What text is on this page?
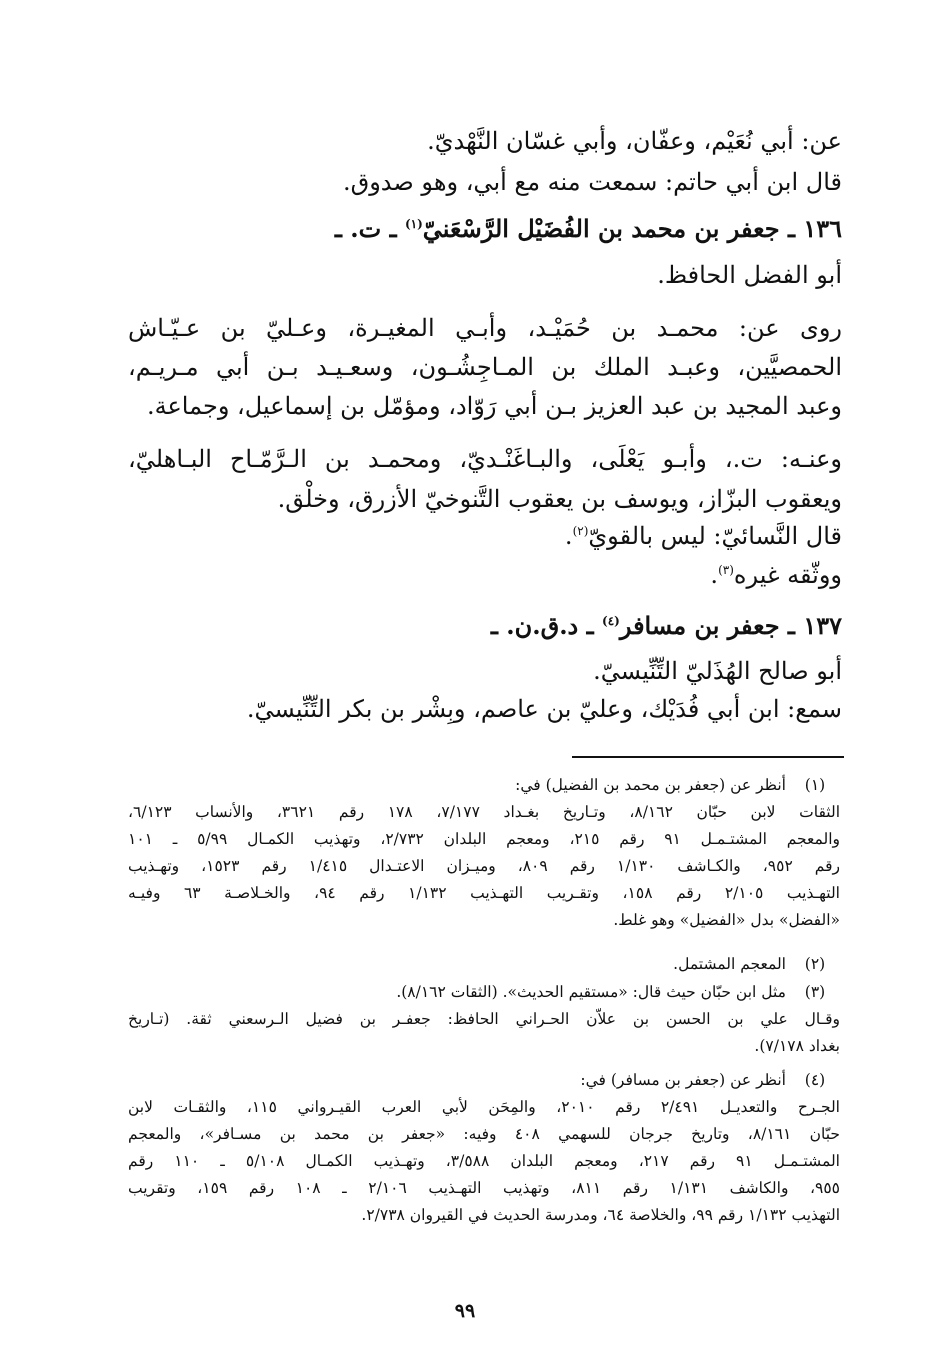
عن: أبي نُعَيْم، وعفّان، وأبي غسّان النَّهْديّ.
قال ابن أبي حاتم: سمعت منه مع أبي، وهو صدوق.
١٣٦ ـ جعفر بن محمد بن الفُضَيْل الرَّسْعَنيّ$^{(١)}$ ـ ت. ـ
أبو الفضل الحافظ.
روى عن: محمـد بن حُمَيْـد، وأبـي المغيـرة، وعـليّ بن عـيّـاش
الحمصيَّين، وعبـد الملك بن المـاجِشُـون، وسعـيـد بـن أبي مـريـم،
وعبد المجيد بن عبد العزيز بـن أبي رَوّاد، ومؤمّل بن إسماعيل، وجماعة.
وعنـه: ت.، وأبـو يَعْلَى، والبـاغَنْـديّ، ومحمـد بن الـرَّمّـاح البـاهليّ،
ويعقوب البزّاز، ويوسف بن يعقوب التَّنوخيّ الأزرق، وخلْق.
قال النَّسائيّ: ليس بالقويّ$^{(٢)}$.
ووثّقه غيره$^{(٣)}$.
١٣٧ ـ جعفر بن مسافر$^{(٤)}$ ـ د.ق.ن. ـ
أبو صالح الهُذَليّ التِّنِّيسيّ.
سمع: ابن أبي فُدَيْك، وعليّ بن عاصم، وبِشْر بن بكر التِّنِّيسيّ.
(١)
أنظر عن (جعفر بن محمد بن الفضيل) في:
الثقات لابن حبّان ٨/١٦٢، وتـاريخ بغـداد ٧/١٧٧، ١٧٨ رقم ٣٦٢١، والأنساب ٦/١٢٣،
والمعجم المشتـمـل ٩١ رقم ٢١٥، ومعجم البلدان ٢/٧٣٢، وتهذيب الكمـال ٥/٩٩ ـ ١٠١
رقم ٩٥٢، والكـاشف ١/١٣٠ رقم ٨٠٩، وميـزان الاعتـدال ١/٤١٥ رقم ١٥٢٣، وتهـذيب
التهـذيب ٢/١٠٥ رقم ١٥٨، وتقـريب التهـذيب ١/١٣٢ رقم ٩٤، والخـلاصـة ٦٣ وفيـه
«الفضل» بدل «الفضيل» وهو غلط.
(٢)
المعجم المشتمل.
(٣)
مثل ابن حبّان حيث قال: «مستقيم الحديث». (الثقات ٨/١٦٢).
وقـال علي بن الحسن بن علاّن الحـراني الحافظ: جعفـر بن فضيل الـرسعني ثقة. (تـاريخ
بغداد ٧/١٧٨).
(٤)
أنظر عن (جعفر بن مسافر) في:
الجـرح والتعديـل ٢/٤٩١ رقم ٢٠١٠، والمِحَن لأبي العرب القيـرواني ١١٥، والثقـات لابن
حبّان ٨/١٦١، وتاريخ جرجان للسهمي ٤٠٨ وفيه: «جعفر بن محمد بن مسـافر»، والمعجم
المشتـمـل ٩١ رقم ٢١٧، ومعجم البلدان ٣/٥٨٨، وتهـذيب الكمـال ٥/١٠٨ ـ ١١٠ رقم
٩٥٥، والكاشف ١/١٣١ رقم ٨١١، وتهذيب التهـذيب ٢/١٠٦ ـ ١٠٨ رقم ١٥٩، وتقريب
التهذيب ١/١٣٢ رقم ٩٩، والخلاصة ٦٤، ومدرسة الحديث في القيروان ٢/٧٣٨.
٩٩
